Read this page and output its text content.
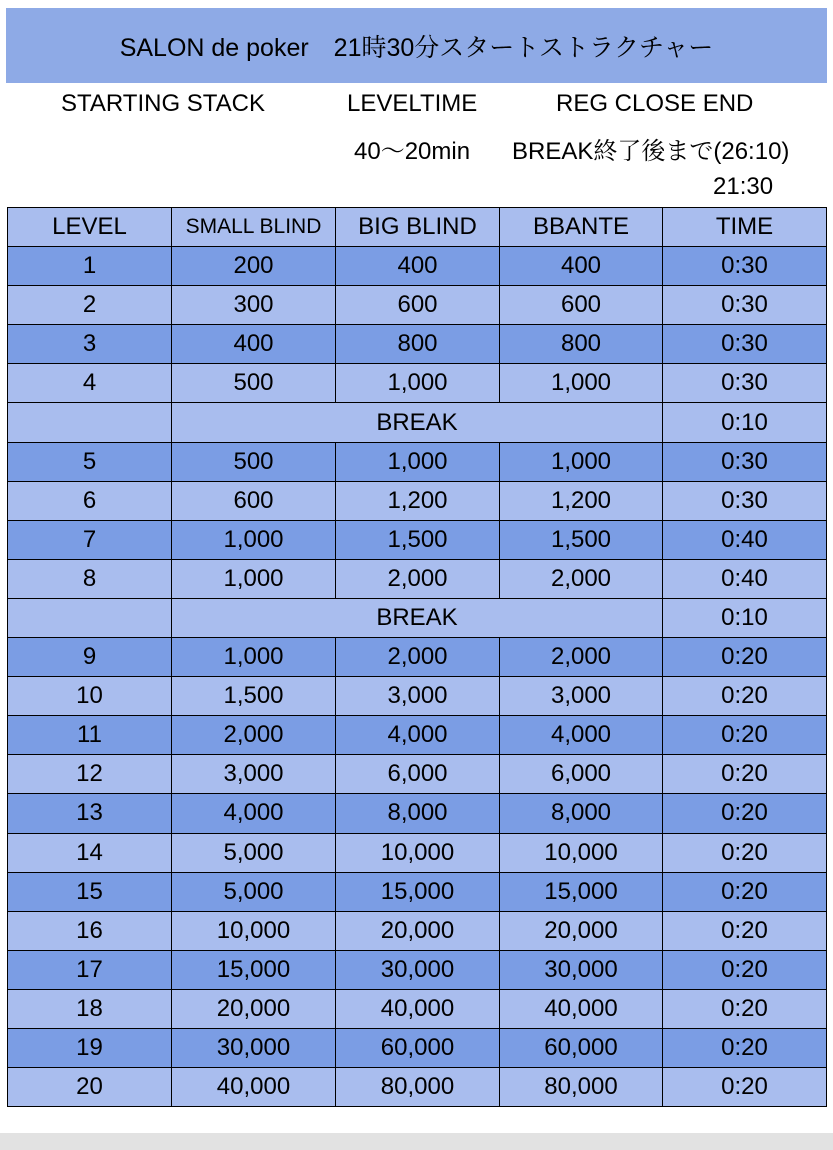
SALON de poker　21時30分スタートストラクチャー
STARTING STACK	LEVELTIME	REG CLOSE END
40〜20min BREAK終了後まで(26:10)
21:30
LEVEL	SMALL BLIND	BIG BLIND	BBANTE	TIME
1	200	400	400	0:30
2	300	600	600	0:30
3	400	800	800	0:30
4	500	1,000	1,000	0:30
	BREAK			0:10
5	500	1,000	1,000	0:30
6	600	1,200	1,200	0:30
7	1,000	1,500	1,500	0:40
8	1,000	2,000	2,000	0:40
	BREAK			0:10
9	1,000	2,000	2,000	0:20
10	1,500	3,000	3,000	0:20
11	2,000	4,000	4,000	0:20
12	3,000	6,000	6,000	0:20
13	4,000	8,000	8,000	0:20
14	5,000	10,000	10,000	0:20
15	5,000	15,000	15,000	0:20
16	10,000	20,000	20,000	0:20
17	15,000	30,000	30,000	0:20
18	20,000	40,000	40,000	0:20
19	30,000	60,000	60,000	0:20
20	40,000	80,000	80,000	0:20
